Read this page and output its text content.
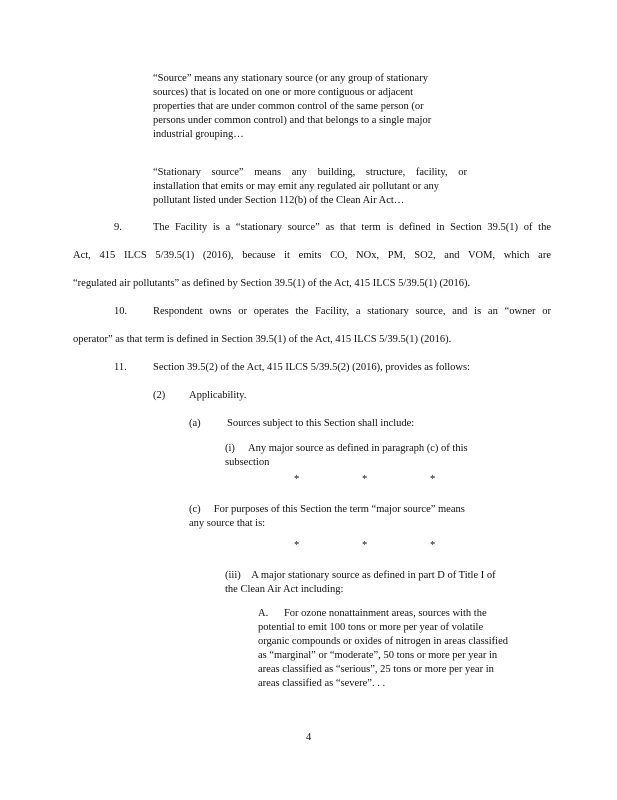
“Source” means any stationary source (or any group of stationary
sources) that is located on one or more contiguous or adjacent
properties that are under common control of the same person (or
persons under common control) and that belongs to a single major
industrial grouping…
“Stationary source” means any building, structure, facility, or
installation that emits or may emit any regulated air pollutant or any
pollutant listed under Section 112(b) of the Clean Air Act…
9.	The Facility is a “stationary source” as that term is defined in Section 39.5(1) of the
Act, 415 ILCS 5/39.5(1) (2016), because it emits CO, NOx, PM, SO2, and VOM, which are
“regulated air pollutants” as defined by Section 39.5(1) of the Act, 415 ILCS 5/39.5(1) (2016).
10. Respondent owns or operates the Facility, a stationary source, and is an “owner or
operator” as that term is defined in Section 39.5(1) of the Act, 415 ILCS 5/39.5(1) (2016).
11.	Section 39.5(2) of the Act, 415 ILCS 5/39.5(2) (2016), provides as follows:
(2) Applicability.
(a)	Sources subject to this Section shall include:
(i) Any major source as defined in paragraph (c) of this
subsection
*	*	*
(c) For purposes of this Section the term “major source” means
any source that is:
*	*	*
(iii) A major stationary source as defined in part D of Title I of
the Clean Air Act including:
A. For ozone nonattainment areas, sources with the
potential to emit 100 tons or more per year of volatile
organic compounds or oxides of nitrogen in areas classified
as “marginal” or “moderate”, 50 tons or more per year in
areas classified as “serious”, 25 tons or more per year in
areas classified as “severe”. . .
4
